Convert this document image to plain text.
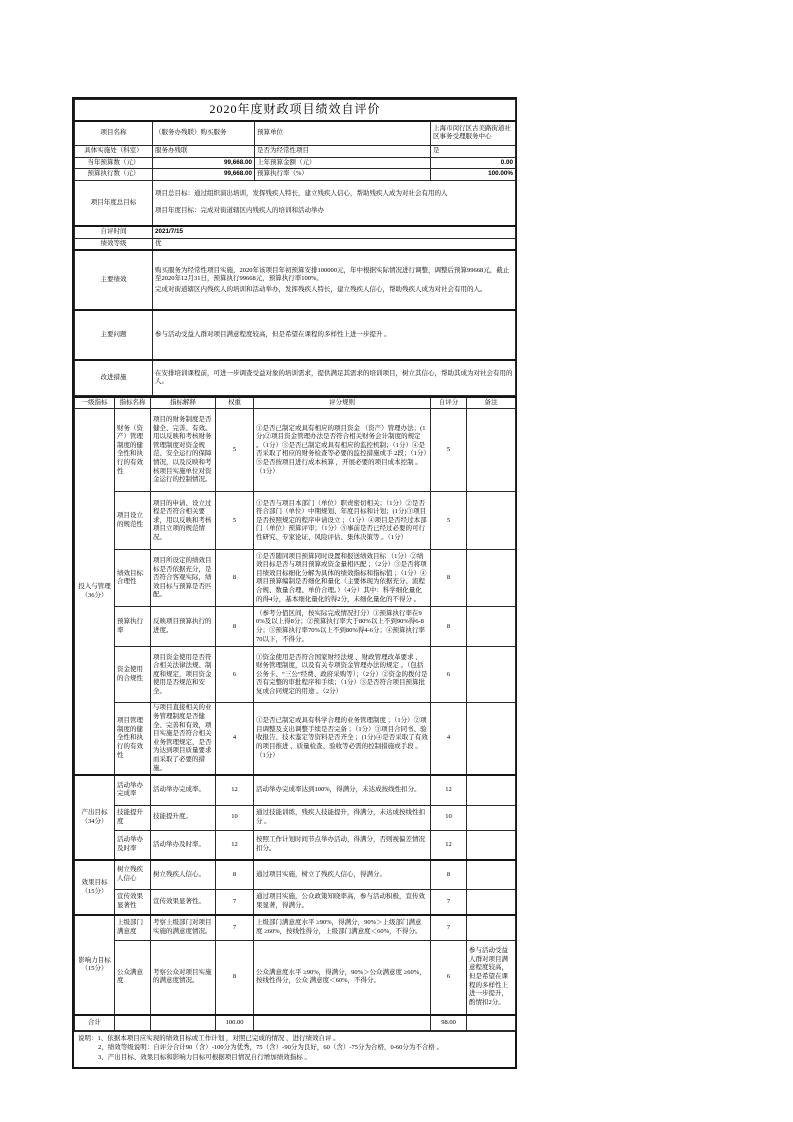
2020年度财政项目绩效自评价			
项目名称	（服务办残联）购买服务	预算单位	上海市闵行区古美路街道社区事务受理服务中心
具体实施处（科室）	服务办残联	是否为经常性项目	是
当年预算数（元）	99,668.00	上年预算金额（元）	0.00
预算执行数（元）	99,668.00	预算执行率（%）	100.00%
项目年度总目标	项目总目标：通过组织演出培训，发挥残疾人特长，建立残疾人信心，帮助残疾人成为对社会有用的人
项目年度目标：完成对街道辖区内残疾人的培训和活动举办		

自评时间	2021/7/15		
绩效等级	优		
主要绩效	购买服务为经常性项目实施，2020年该项目年初预算安排100000元，年中根据实际情况进行调整，调整后预算99668元，截止至2020年12月31日，预算执行99668元，预算执行率100%。
完成对街道辖区内残疾人的培训和活动举办，发挥残疾人特长，建立残疾人信心，帮助残疾人成为对社会有用的人。		

主要问题	参与活动受益人群对项目满意程度较高，但是希望在课程的多样性上进一步提升 。		
改进措施	在安排培训课程前，可进一步调查受益对象的培训需求，提供满足其需求的培训项目，树立其信心，帮助其成为对社会有用的人。		
一级指标	指标名称	指标解释	权重	评分规则	自评分	备注
投入与管理（36分）	财务（资产）管理制度的健全性和执行的有效性	项目的财务制度是否健全、完善、有效。用以反映和考核财务管理制度对资金规范、安全运行的保障情况，以及反映和考核项目实施单位对资金运行的控制情况。	5	①是否已制定或具有相应的项目资金 （资产）管理办法；(1分)②项目资金管理办法是否符合相关财务会计制度的规定 。（1分）③是否已制定或具有相应的监控机制；（1分）④是否采取了相应的财务检查等必要的监控措施或手 2段；（1分）⑤是否按项目进行成本核算 ，开展必要的项目成本控制 。（1分）	5	
	项目设立的规范性	项目的申请、设立过程是否符合相关要求，用以反映和考核项目立项的规范情况。	5	①是否与项目本部门（单位）职责密切相关；（1分）②是否符合部门（单位）中期规划、年度目标和计划；(1分)③项目是否按照规定的程序申请设立 ；（1分）④项目是否经过本部门（单位）预算评审；（1分）⑤事前是否已经过必要的可行性研究、专家论证、风险评估、集体决策等 。（1分）	5	
	绩效目标合理性	项目所设定的绩效目标是否依据充分，是否符合客观实际，绩效目标与预算是否匹配。	8	①是否随同项目预算同时设置和报送绩效目标 （1分）②绩效目标是否与项目预算或资金量相匹配 ；（2分）③是否将项目绩效目标细化分解为具体的绩效指标和指标值 ；（1分）④项目预算编制是否细化和量化（主要体现为依据充分、流程合规、数量合理、单价合理。）（4分）其中：科学细化量化的得4分，基本细化量化的得2分，未细化量化的不得分 。	8	
	预算执行率	反映项目预算执行的进度。	8	（参考分值区间，按实际完成情况打分）①预算执行率在90%及以上得8分；②预算执行率大于80%以上不到90%得6-8分；③预算执行率70%以上不到80%得4-6分；④预算执行率70以下，不得分。	8	
	资金使用的合规性	项目资金使用是否符合相关法律法规、制度和规定，项目资金使用是否规范和安全。	6	①资金使用是否符合国家财经法规 、财政管理改革要求 、财务管理制度，以及有关专项资金管理办法的规定 。（包括公务卡、“三公”经费、政府采购等）；（2分）②资金的拨付是否有完整的审批程序和手续；（1分）③是否符合项目预算批复或合同规定的用途 。（2分）	6	
	项目管理制度的健全性和执行的有效性	与项目直接相关的业务管理制度是否健全、完善和有效，项目实施是否符合相关业务管理规定，是否为达到项目质量要求而采取了必要的措施。	4	①是否已制定或具有科学合理的业务管理制度 ；（1分）②项目调整及支出调整手续是否完备 ；（1分）③项目合同书、验收报告、技术鉴定等资料是否齐全 ；(1分)④是否采取了有效的项目推进 、质量检查、验收等必需的控制措施或手段 。（1分）	4	
产出目标（34分）	活动举办完成率	活动举办完成率。	12	活动举办完成率达到100%，得满分，未达成按线性扣分。	12	
	技能提升度	技能提升度。	10	通过技能训练，残疾人技能提升，得满分，未达成按线性扣分 。	10	
	活动举办及时率	活动举办及时率。	12	按照工作计划时间节点举办活动，得满分，否则视偏差情况扣分。	12	
效果目标（15分）	树立残疾人信心	树立残疾人信心。	8	通过项目实施，树立了残疾人信心，得满分。	8	
	宣传效果显著性	宣传效果显著性。	7	通过项目实施，公众政策知晓率高，参与活动积极，宣传效果显著，得满分。	7	
影响力目标（15分）	上级部门满意度	考察上级部门对项目实施的满意度情况。	7	上级部门满意度水平 ≥90%，得满分，90%＞上级部门满意度 ≥60%，按线性得分，上级部门满意度＜60%，不得分。	7	
	公众满意度	考察公众对项目实施的满意度情况。	8	公众满意度水平 ≥90%，得满分，90%＞公众满意度 ≥60%，按线性得分，公众 满意度＜60%，不得分。	6	参与活动受益人群对项目满意程度较高，但是希望在课程的多样性上进一步提升，酌情扣2分。
合计			100.00		98.00	
说明：1、依据本项目应实现的绩效目标或工作计划 ，对照已完成的情况 ，进行绩效自评 。
2、绩效等级说明：自评分合计90（含）-100分为优秀，75（含）-90分为良好，60（含）-75分为合格，0-60分为不合格 。
3、产出目标、效果目标和影响力目标可根据项目情况自行增加绩效指标 。
